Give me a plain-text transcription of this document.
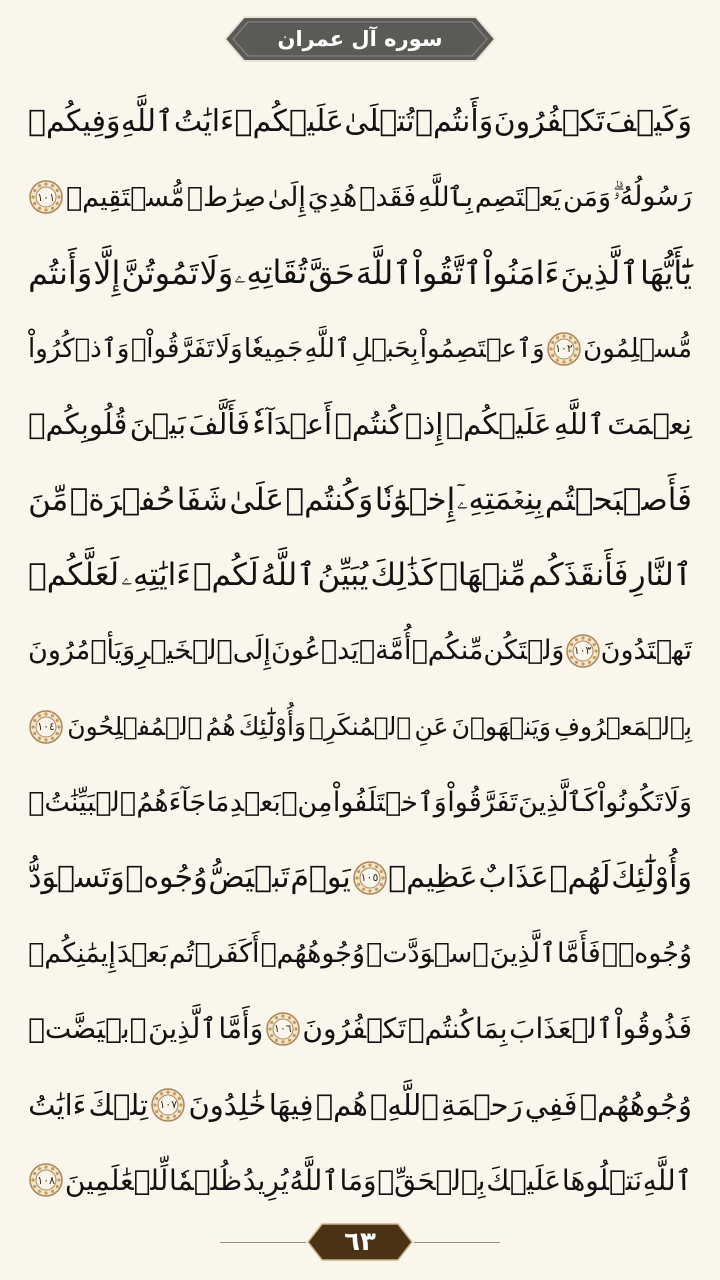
سوره آل عمران
وَكَيۡفَ
تَكۡفُرُونَ
وَأَنتُمۡ
تُتۡلَىٰ
عَلَيۡكُمۡ
ءَايَٰتُ
ٱللَّهِ
وَفِيكُمۡ
رَسُولُهُۥۗ
وَمَن
يَعۡتَصِم
بِٱللَّهِ
فَقَدۡ
هُدِيَ
إِلَىٰ
صِرَٰطٖ
مُّسۡتَقِيمٖ
١٠١
يَٰٓأَيُّهَا
ٱلَّذِينَ
ءَامَنُواْ
ٱتَّقُواْ
ٱللَّهَ
حَقَّ
تُقَاتِهِۦ
وَلَا
تَمُوتُنَّ
إِلَّا
وَأَنتُم
مُّسۡلِمُونَ
١٠٢
وَٱعۡتَصِمُواْ
بِحَبۡلِ
ٱللَّهِ
جَمِيعٗا
وَلَا
تَفَرَّقُواْۚ
وَٱذۡكُرُواْ
نِعۡمَتَ
ٱللَّهِ
عَلَيۡكُمۡ
إِذۡ
كُنتُمۡ
أَعۡدَآءٗ
فَأَلَّفَ
بَيۡنَ
قُلُوبِكُمۡ
فَأَصۡبَحۡتُم
بِنِعۡمَتِهِۦٓ
إِخۡوَٰنٗا
وَكُنتُمۡ
عَلَىٰ
شَفَا
حُفۡرَةٖ
مِّنَ
ٱلنَّارِ
فَأَنقَذَكُم
مِّنۡهَاۗ
كَذَٰلِكَ
يُبَيِّنُ
ٱللَّهُ
لَكُمۡ
ءَايَٰتِهِۦ
لَعَلَّكُمۡ
تَهۡتَدُونَ
١٠٣
وَلۡتَكُن
مِّنكُمۡ
أُمَّةٞ
يَدۡعُونَ
إِلَى
ٱلۡخَيۡرِ
وَيَأۡمُرُونَ
بِٱلۡمَعۡرُوفِ
وَيَنۡهَوۡنَ
عَنِ
ٱلۡمُنكَرِۚ
وَأُوْلَٰٓئِكَ
هُمُ
ٱلۡمُفۡلِحُونَ
١٠٤
وَلَا
تَكُونُواْ
كَٱلَّذِينَ
تَفَرَّقُواْ
وَٱخۡتَلَفُواْ
مِنۢ
بَعۡدِ
مَا
جَآءَهُمُ
ٱلۡبَيِّنَٰتُۚ
وَأُوْلَٰٓئِكَ
لَهُمۡ
عَذَابٌ
عَظِيمٞ
١٠٥
يَوۡمَ
تَبۡيَضُّ
وُجُوهٞ
وَتَسۡوَدُّ
وُجُوهٞۚ
فَأَمَّا
ٱلَّذِينَ
ٱسۡوَدَّتۡ
وُجُوهُهُمۡ
أَكَفَرۡتُم
بَعۡدَ
إِيمَٰنِكُمۡ
فَذُوقُواْ
ٱلۡعَذَابَ
بِمَا
كُنتُمۡ
تَكۡفُرُونَ
١٠٦
وَأَمَّا
ٱلَّذِينَ
ٱبۡيَضَّتۡ
وُجُوهُهُمۡ
فَفِي
رَحۡمَةِ
ٱللَّهِۖ
هُمۡ
فِيهَا
خَٰلِدُونَ
١٠٧
تِلۡكَ
ءَايَٰتُ
ٱللَّهِ
نَتۡلُوهَا
عَلَيۡكَ
بِٱلۡحَقِّۗ
وَمَا
ٱللَّهُ
يُرِيدُ
ظُلۡمٗا
لِّلۡعَٰلَمِينَ
١٠٨
٦٣
